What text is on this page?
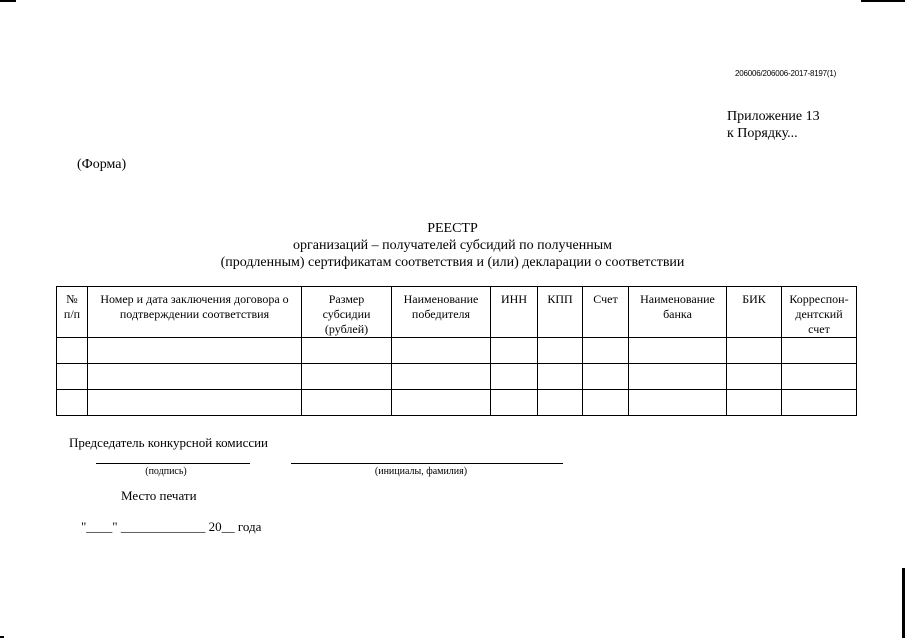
206006/206006-2017-8197(1)
Приложение 13
к Порядку...
(Форма)
РЕЕСТР
организаций – получателей субсидий по полученным
(продленным) сертификатам соответствия и (или) декларации о соответствии
№ п/п	Номер и дата заключения договора о подтверждении соответствия	Размер субсидии (рублей)	Наименование победителя	ИНН	КПП	Счет	Наименование банка	БИК	Корреспон-дентский счет

Председатель конкурсной комиссии
(подпись)	(инициалы, фамилия)
Место печати
"____" _____________ 20__ года
